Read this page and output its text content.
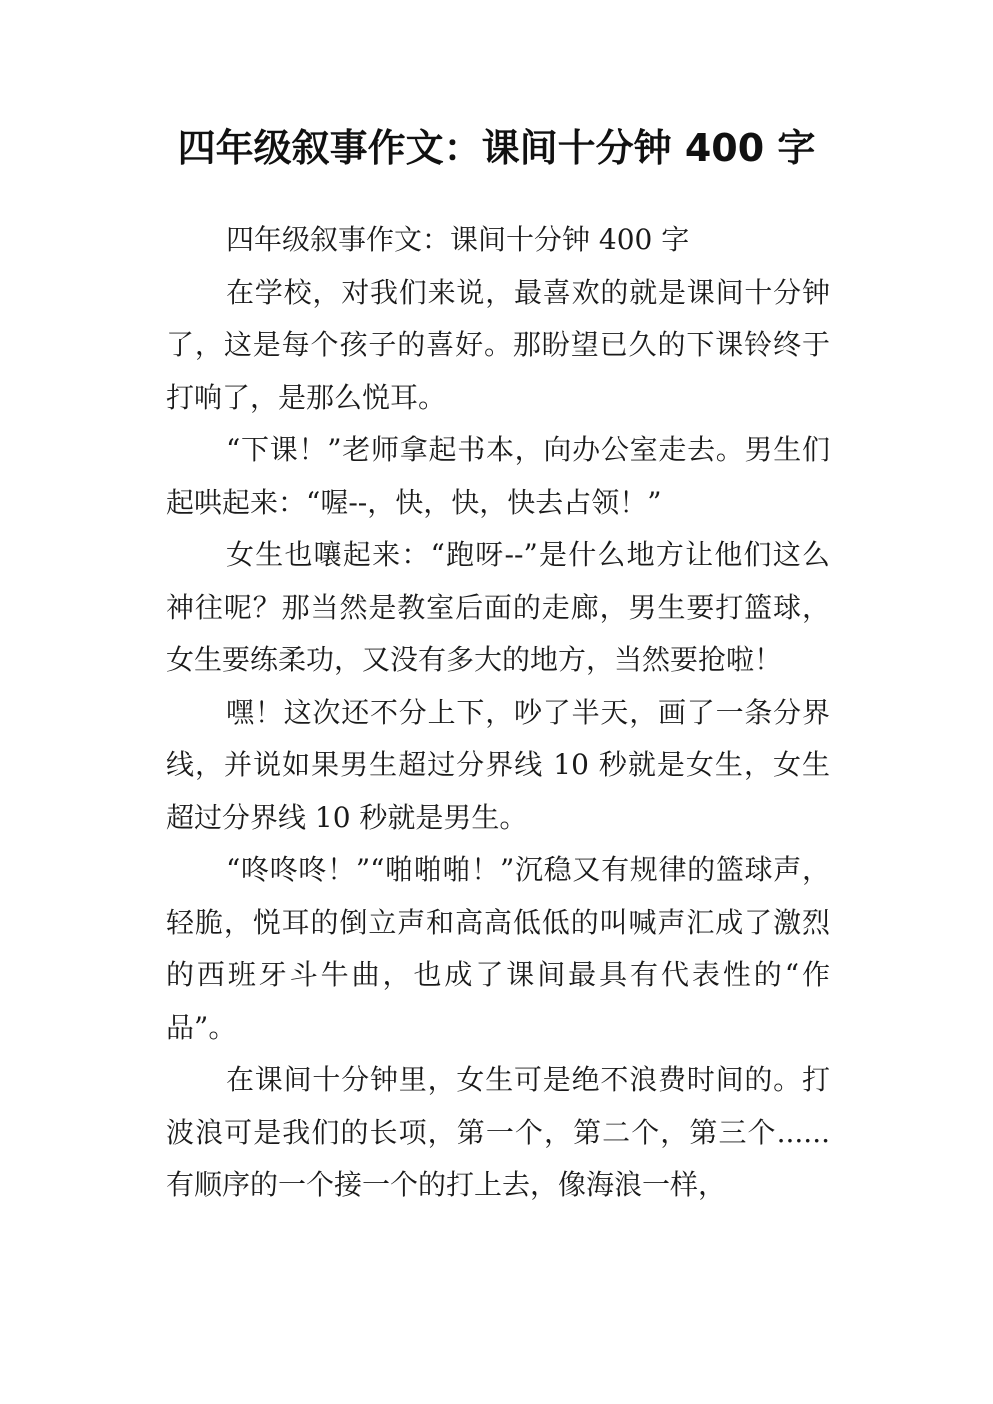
四年级叙事作文：课间十分钟 400 字

四年级叙事作文：课间十分钟 400 字

在学校，对我们来说，最喜欢的就是课间十分钟了，这是每个孩子的喜好。那盼望已久的下课铃终于打响了，是那么悦耳。

“下课！”老师拿起书本，向办公室走去。男生们起哄起来：“喔--，快，快，快去占领！”

女生也嚷起来：“跑呀--”是什么地方让他们这么神往呢？那当然是教室后面的走廊，男生要打篮球，女生要练柔功，又没有多大的地方，当然要抢啦！

嘿！这次还不分上下，吵了半天，画了一条分界线，并说如果男生超过分界线 10 秒就是女生，女生超过分界线 10 秒就是男生。

“咚咚咚！”“啪啪啪！”沉稳又有规律的篮球声，轻脆，悦耳的倒立声和高高低低的叫喊声汇成了激烈的西班牙斗牛曲，也成了课间最具有代表性的“作品”。

在课间十分钟里，女生可是绝不浪费时间的。打波浪可是我们的长项，第一个，第二个，第三个......有顺序的一个接一个的打上去，像海浪一样，
